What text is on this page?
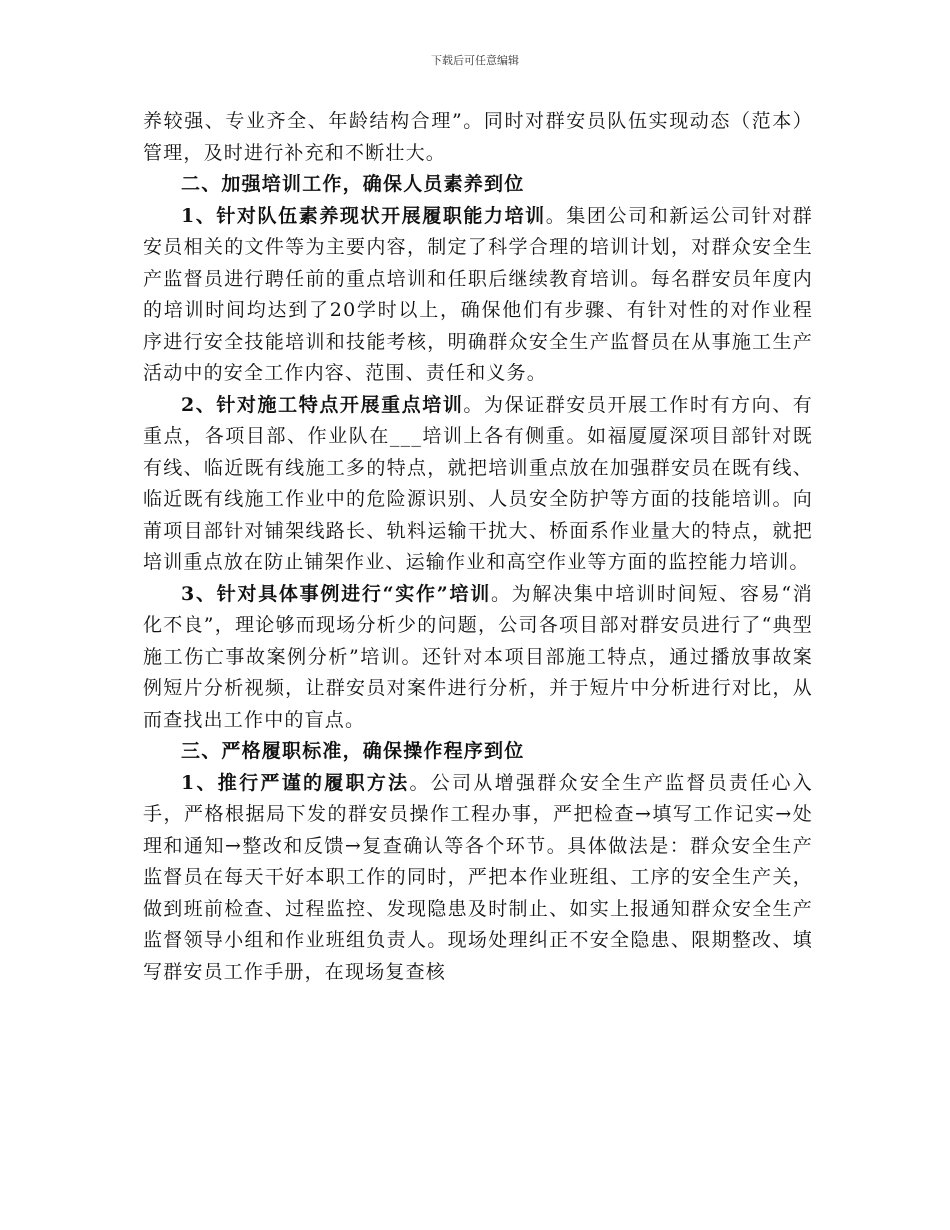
下载后可任意编辑

养较强、专业齐全、年龄结构合理”。同时对群安员队伍实现动态（范本）管理，及时进行补充和不断壮大。

二、加强培训工作，确保人员素养到位

1、针对队伍素养现状开展履职能力培训。集团公司和新运公司针对群安员相关的文件等为主要内容，制定了科学合理的培训计划，对群众安全生产监督员进行聘任前的重点培训和任职后继续教育培训。每名群安员年度内的培训时间均达到了20学时以上，确保他们有步骤、有针对性的对作业程序进行安全技能培训和技能考核，明确群众安全生产监督员在从事施工生产活动中的安全工作内容、范围、责任和义务。

2、针对施工特点开展重点培训。为保证群安员开展工作时有方向、有重点，各项目部、作业队在___培训上各有侧重。如福厦厦深项目部针对既有线、临近既有线施工多的特点，就把培训重点放在加强群安员在既有线、临近既有线施工作业中的危险源识别、人员安全防护等方面的技能培训。向莆项目部针对铺架线路长、轨料运输干扰大、桥面系作业量大的特点，就把培训重点放在防止铺架作业、运输作业和高空作业等方面的监控能力培训。

3、针对具体事例进行“实作”培训。为解决集中培训时间短、容易“消化不良”，理论够而现场分析少的问题，公司各项目部对群安员进行了“典型施工伤亡事故案例分析”培训。还针对本项目部施工特点，通过播放事故案例短片分析视频，让群安员对案件进行分析，并于短片中分析进行对比，从而查找出工作中的盲点。

三、严格履职标准，确保操作程序到位

1、推行严谨的履职方法。公司从增强群众安全生产监督员责任心入手，严格根据局下发的群安员操作工程办事，严把检查→填写工作记实→处理和通知→整改和反馈→复查确认等各个环节。具体做法是：群众安全生产监督员在每天干好本职工作的同时，严把本作业班组、工序的安全生产关，做到班前检查、过程监控、发现隐患及时制止、如实上报通知群众安全生产监督领导小组和作业班组负责人。现场处理纠正不安全隐患、限期整改、填写群安员工作手册，在现场复查核
